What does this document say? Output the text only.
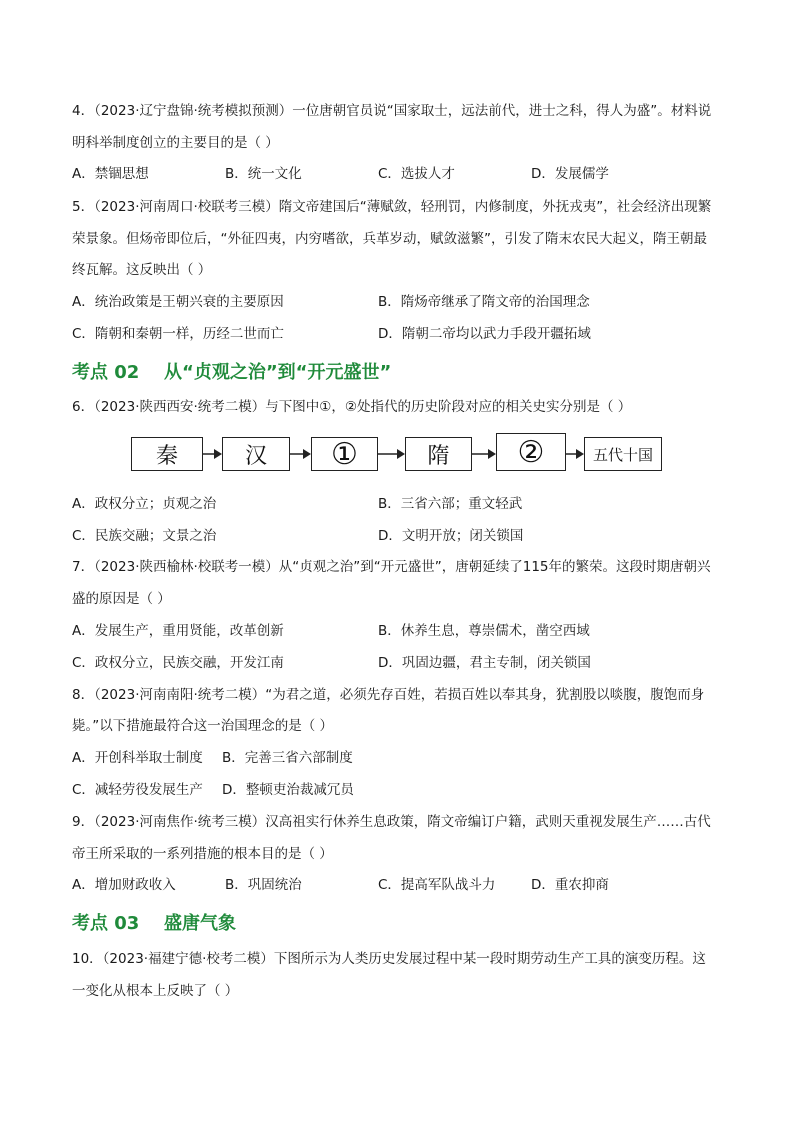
4．（2023·辽宁盘锦·统考模拟预测）一位唐朝官员说“国家取士，远法前代，进士之科，得人为盛”。材料说
明科举制度创立的主要目的是（ ）
A．禁锢思想	B．统一文化	C．选拔人才	D．发展儒学
5．（2023·河南周口·校联考三模）隋文帝建国后“薄赋敛，轻刑罚，内修制度，外抚戎夷”，社会经济出现繁
荣景象。但炀帝即位后，“外征四夷，内穷嗜欲，兵革岁动，赋敛滋繁”，引发了隋末农民大起义，隋王朝最
终瓦解。这反映出（ ）
A．统治政策是王朝兴衰的主要原因	B．隋炀帝继承了隋文帝的治国理念
C．隋朝和秦朝一样，历经二世而亡	D．隋朝二帝均以武力手段开疆拓域
考点 02 从“贞观之治”到“开元盛世”
6．（2023·陕西西安·统考二模）与下图中①，②处指代的历史阶段对应的相关史实分别是（ ）
秦	汉	①	隋	②	五代十国
A．政权分立；贞观之治	B．三省六部；重文轻武
C．民族交融；文景之治	D．文明开放；闭关锁国
7．（2023·陕西榆林·校联考一模）从“贞观之治”到“开元盛世”，唐朝延续了115年的繁荣。这段时期唐朝兴
盛的原因是（ ）
A．发展生产，重用贤能，改革创新	B．休养生息，尊崇儒术，凿空西域
C．政权分立，民族交融，开发江南	D．巩固边疆，君主专制，闭关锁国
8．（2023·河南南阳·统考二模）“为君之道，必须先存百姓，若损百姓以奉其身，犹割股以啖腹，腹饱而身
毙。”以下措施最符合这一治国理念的是（ ）
A．开创科举取士制度 B．完善三省六部制度
C．减轻劳役发展生产 D．整顿吏治裁减冗员
9．（2023·河南焦作·统考三模）汉高祖实行休养生息政策，隋文帝编订户籍，武则天重视发展生产……古代
帝王所采取的一系列措施的根本目的是（ ）
A．增加财政收入	B．巩固统治	C．提高军队战斗力	D．重农抑商
考点 03 盛唐气象
10．（2023·福建宁德·校考二模）下图所示为人类历史发展过程中某一段时期劳动生产工具的演变历程。这
一变化从根本上反映了（ ）
